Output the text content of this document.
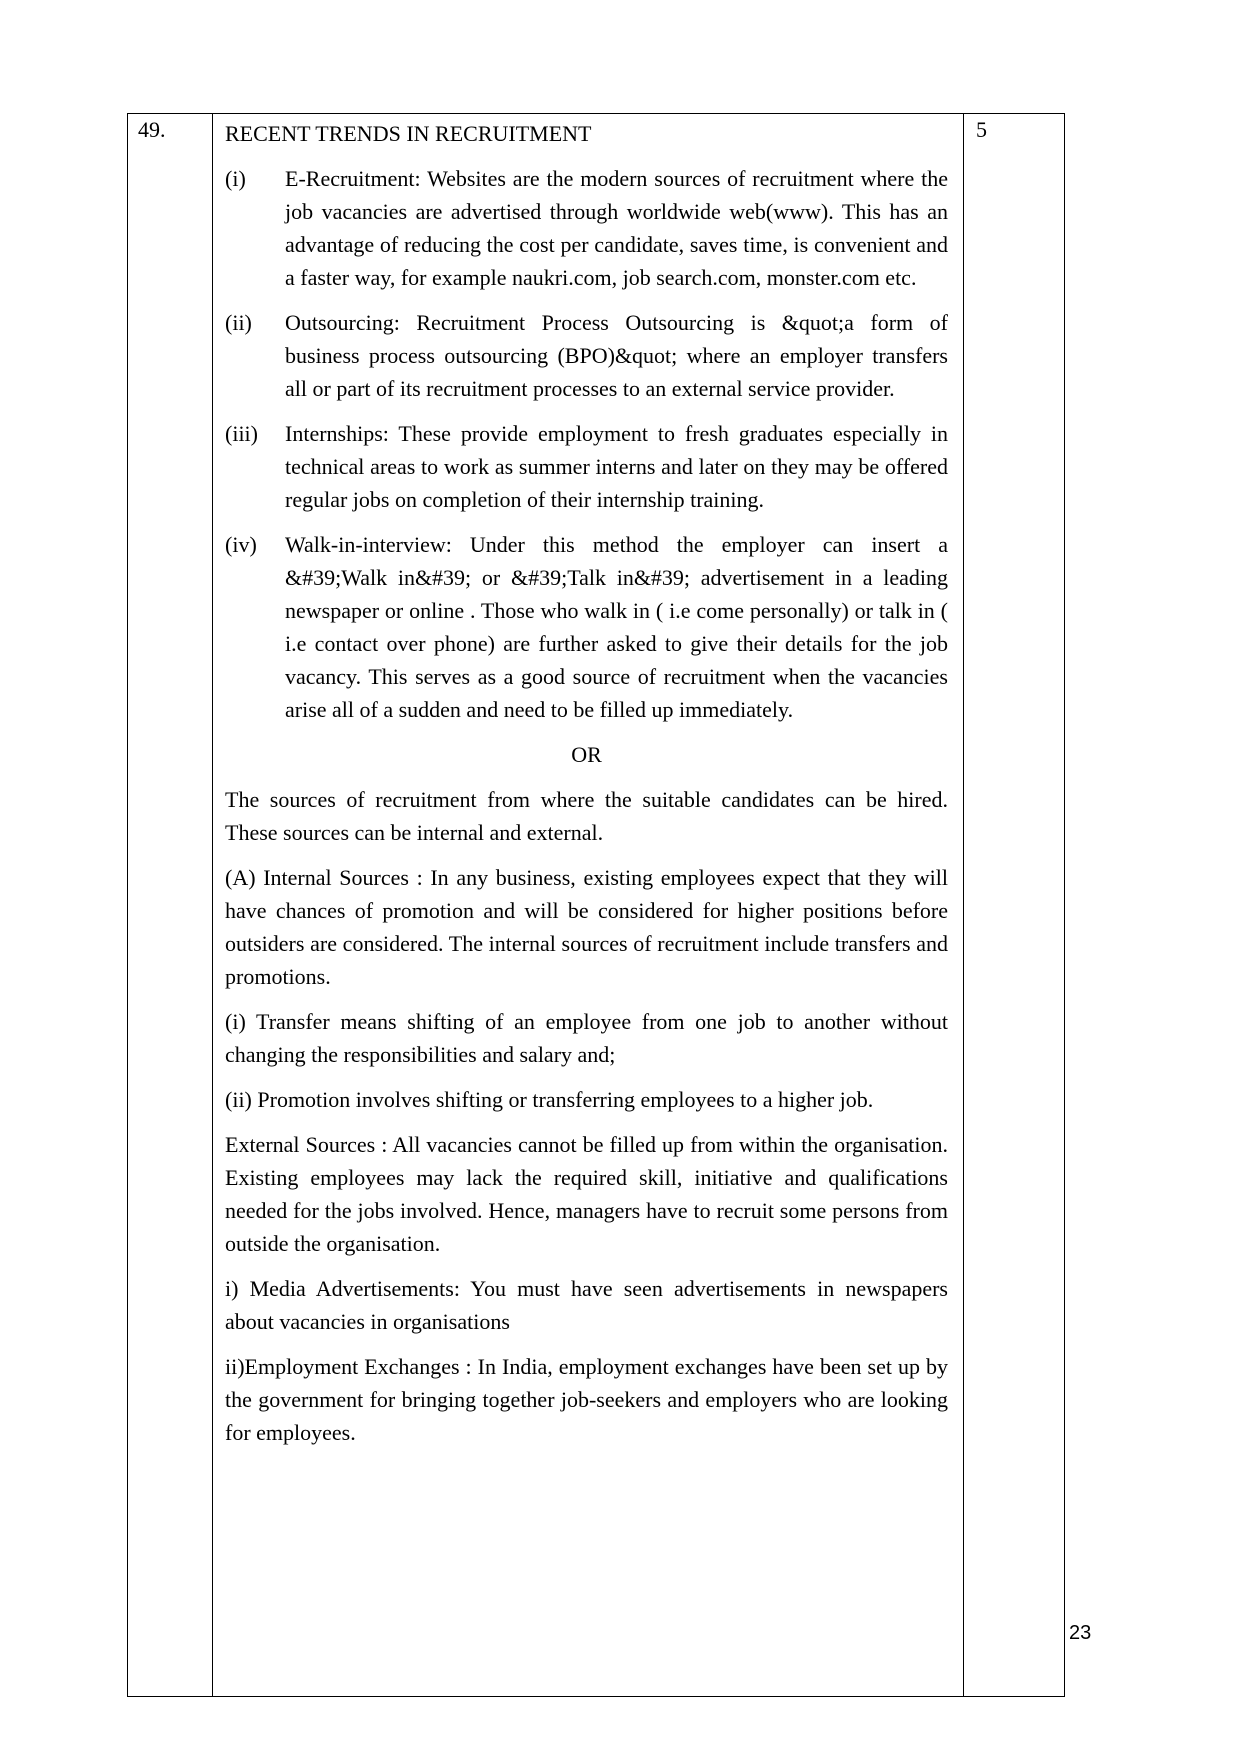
49.	5
RECENT TRENDS IN RECRUITMENT
(i) E-Recruitment: Websites are the modern sources of recruitment where the job vacancies are advertised through worldwide web(www). This has an advantage of reducing the cost per candidate, saves time, is convenient and a faster way, for example naukri.com, job search.com, monster.com etc.
(ii) Outsourcing: Recruitment Process Outsourcing is &quot;a form of business process outsourcing (BPO)&quot; where an employer transfers all or part of its recruitment processes to an external service provider.
(iii) Internships: These provide employment to fresh graduates especially in technical areas to work as summer interns and later on they may be offered regular jobs on completion of their internship training.
(iv) Walk-in-interview: Under this method the employer can insert a &#39;Walk in&#39; or &#39;Talk in&#39; advertisement in a leading newspaper or online . Those who walk in ( i.e come personally) or talk in ( i.e contact over phone) are further asked to give their details for the job vacancy. This serves as a good source of recruitment when the vacancies arise all of a sudden and need to be filled up immediately.
OR

The sources of recruitment from where the suitable candidates can be hired. These sources can be internal and external.

(A) Internal Sources : In any business, existing employees expect that they will have chances of promotion and will be considered for higher positions before outsiders are considered. The internal sources of recruitment include transfers and promotions.

(i) Transfer means shifting of an employee from one job to another without changing the responsibilities and salary and;

(ii) Promotion involves shifting or transferring employees to a higher job.

External Sources : All vacancies cannot be filled up from within the organisation. Existing employees may lack the required skill, initiative and qualifications needed for the jobs involved. Hence, managers have to recruit some persons from outside the organisation.

i) Media Advertisements: You must have seen advertisements in newspapers about vacancies in organisations

ii)Employment Exchanges : In India, employment exchanges have been set up by the government for bringing together job-seekers and employers who are looking for employees.

23
